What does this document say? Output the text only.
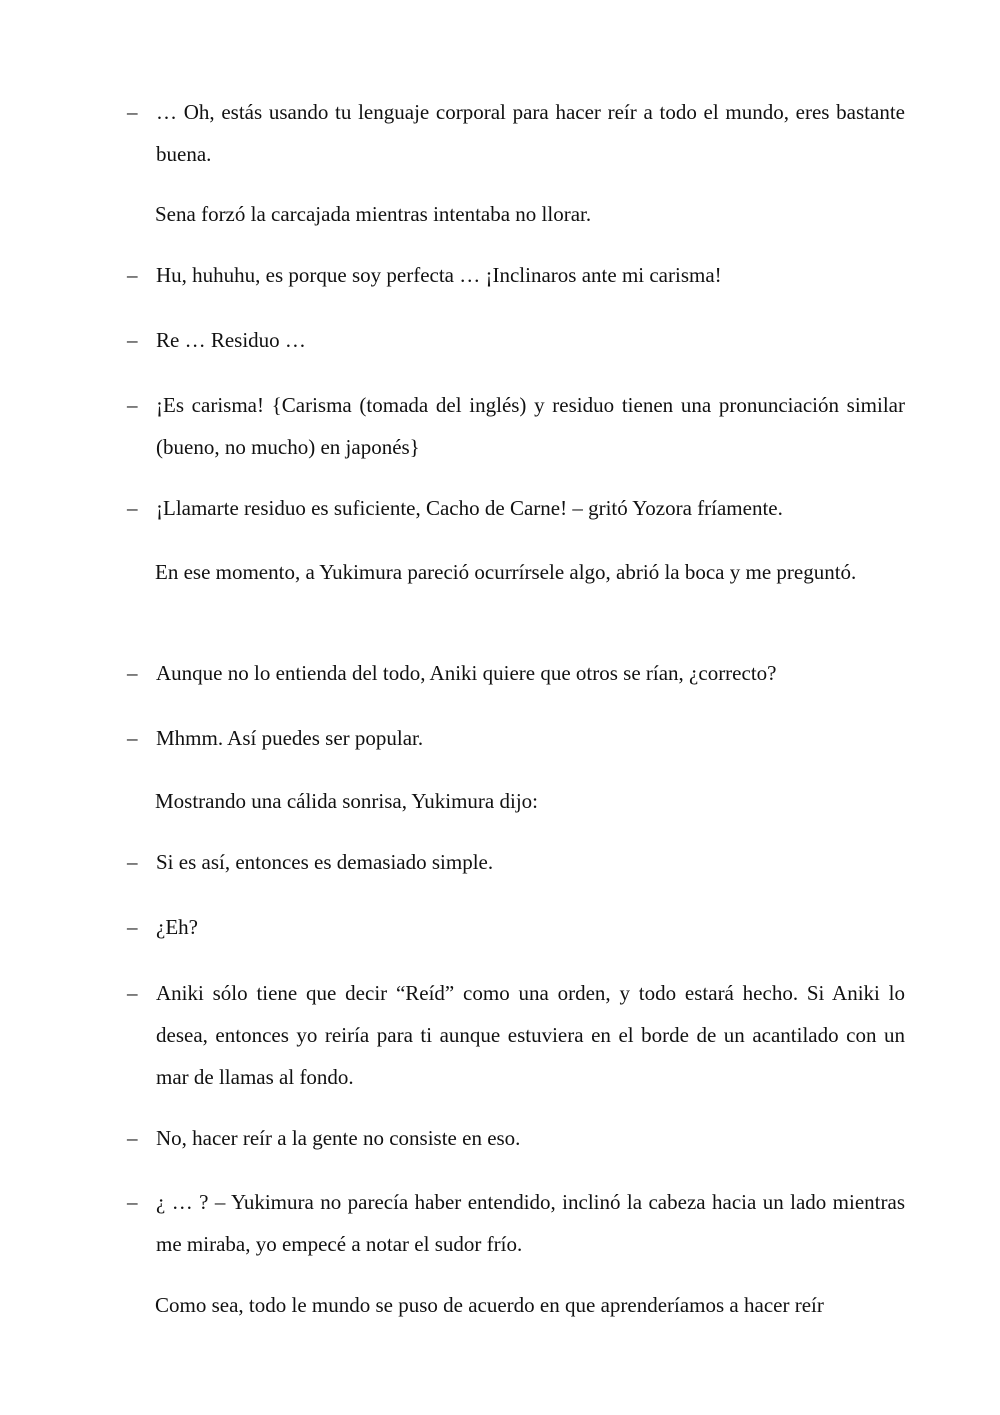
– … Oh, estás usando tu lenguaje corporal para hacer reír a todo el mundo, eres bastante buena.
Sena forzó la carcajada mientras intentaba no llorar.
– Hu, huhuhu, es porque soy perfecta … ¡Inclinaros ante mi carisma!
– Re … Residuo …
– ¡Es carisma! {Carisma (tomada del inglés) y residuo tienen una pronunciación similar (bueno, no mucho) en japonés}
– ¡Llamarte residuo es suficiente, Cacho de Carne! – gritó Yozora fríamente.
En ese momento, a Yukimura pareció ocurrírsele algo, abrió la boca y me preguntó.
– Aunque no lo entienda del todo, Aniki quiere que otros se rían, ¿correcto?
– Mhmm. Así puedes ser popular.
Mostrando una cálida sonrisa, Yukimura dijo:
– Si es así, entonces es demasiado simple.
– ¿Eh?
– Aniki sólo tiene que decir “Reíd” como una orden, y todo estará hecho. Si Aniki lo desea, entonces yo reiría para ti aunque estuviera en el borde de un acantilado con un mar de llamas al fondo.
– No, hacer reír a la gente no consiste en eso.
– ¿ … ? – Yukimura no parecía haber entendido, inclinó la cabeza hacia un lado mientras me miraba, yo empecé a notar el sudor frío.
Como sea, todo le mundo se puso de acuerdo en que aprenderíamos a hacer reír
